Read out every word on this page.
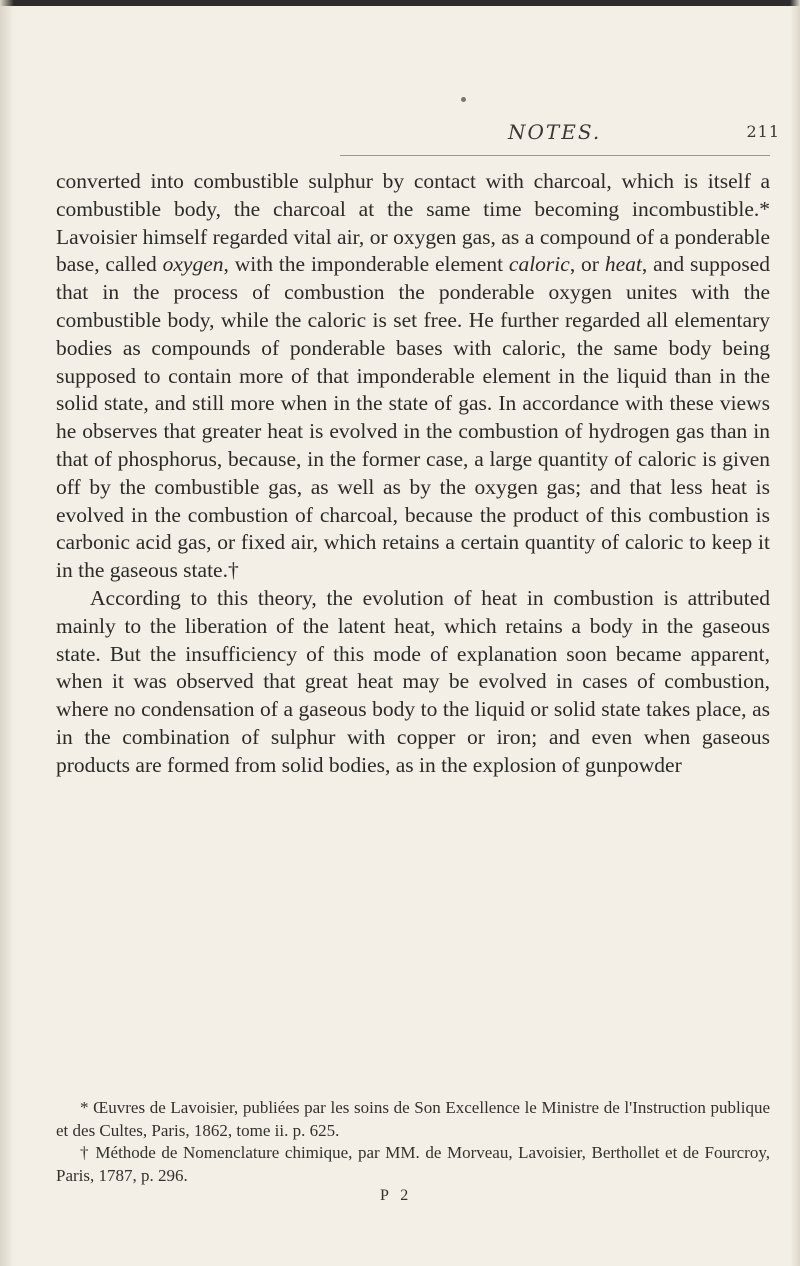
NOTES.	211

converted into combustible sulphur by contact with charcoal, which is itself a combustible body, the charcoal at the same time becoming incombustible.* Lavoisier himself regarded vital air, or oxygen gas, as a compound of a ponderable base, called oxygen, with the imponderable element caloric, or heat, and supposed that in the process of combustion the ponderable oxygen unites with the combustible body, while the caloric is set free. He further regarded all elementary bodies as compounds of ponderable bases with caloric, the same body being supposed to contain more of that imponderable element in the liquid than in the solid state, and still more when in the state of gas. In accordance with these views he observes that greater heat is evolved in the combustion of hydrogen gas than in that of phosphorus, because, in the former case, a large quantity of caloric is given off by the combustible gas, as well as by the oxygen gas; and that less heat is evolved in the combustion of charcoal, because the product of this combustion is carbonic acid gas, or fixed air, which retains a certain quantity of caloric to keep it in the gaseous state.†

According to this theory, the evolution of heat in combustion is attributed mainly to the liberation of the latent heat, which retains a body in the gaseous state. But the insufficiency of this mode of explanation soon became apparent, when it was observed that great heat may be evolved in cases of combustion, where no condensation of a gaseous body to the liquid or solid state takes place, as in the combination of sulphur with copper or iron; and even when gaseous products are formed from solid bodies, as in the explosion of gunpowder

* Œuvres de Lavoisier, publiées par les soins de Son Excellence le Ministre de l'Instruction publique et des Cultes, Paris, 1862, tome ii. p. 625.

† Méthode de Nomenclature chimique, par MM. de Morveau, Lavoisier, Berthollet et de Fourcroy, Paris, 1787, p. 296.

P 2
